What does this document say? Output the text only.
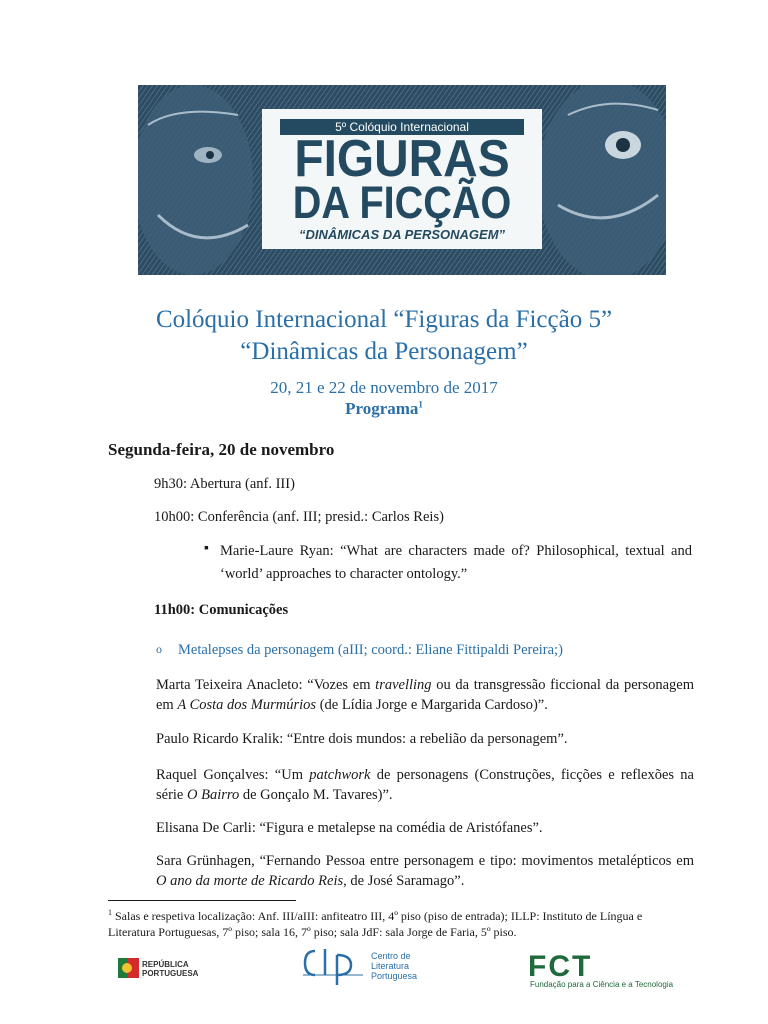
5º Colóquio Internacional
FIGURAS
DA FICÇÃO
“DINÂMICAS DA PERSONAGEM”
Colóquio Internacional “Figuras da Ficção 5”
“Dinâmicas da Personagem”
20, 21 e 22 de novembro de 2017
Programa$^1$
Segunda-feira, 20 de novembro
9h30: Abertura (anf. III)
10h00: Conferência (anf. III; presid.: Carlos Reis)
▪ Marie-Laure Ryan: “What are characters made of? Philosophical, textual and ‘world’ approaches to character ontology.”
11h00: Comunicações
o Metalepses da personagem (aIII; coord.: Eliane Fittipaldi Pereira;)
Marta Teixeira Anacleto: “Vozes em travelling ou da transgressão ficcional da personagem em A Costa dos Murmúrios (de Lídia Jorge e Margarida Cardoso)”.
Paulo Ricardo Kralik: “Entre dois mundos: a rebelião da personagem”.
Raquel Gonçalves: “Um patchwork de personagens (Construções, ficções e reflexões na série O Bairro de Gonçalo M. Tavares)”.
Elisana De Carli: “Figura e metalepse na comédia de Aristófanes”.
Sara Grünhagen, “Fernando Pessoa entre personagem e tipo: movimentos metalépticos em O ano da morte de Ricardo Reis, de José Saramago”.
$^1$ Salas e respetiva localização: Anf. III/aIII: anfiteatro III, 4º piso (piso de entrada); ILLP: Instituto de Língua e Literatura Portuguesas, 7º piso; sala 16, 7º piso; sala JdF: sala Jorge de Faria, 5º piso.
REPÚBLICA
PORTUGUESA
Centro de
Literatura
Portuguesa	FCT
Fundação para a Ciência e a Tecnologia
